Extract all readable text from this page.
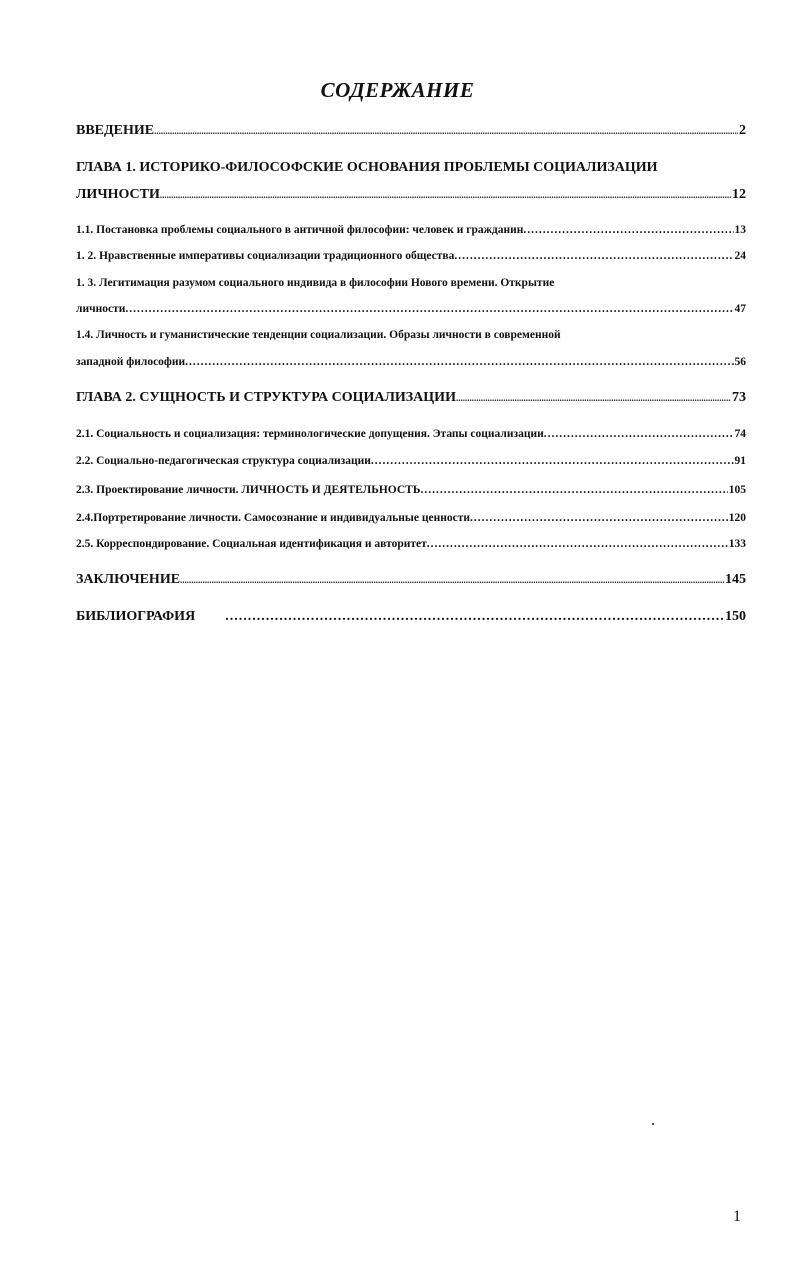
СОДЕРЖАНИЕ
ВВЕДЕНИЕ .....	2
ГЛАВА 1. ИСТОРИКО-ФИЛОСОФСКИЕ ОСНОВАНИЯ ПРОБЛЕМЫ СОЦИАЛИЗАЦИИ
ЛИЧНОСТИ .....	12
1.1. Постановка проблемы социального в античной философии: человек и гражданин .....	13
1. 2. Нравственные императивы социализации традиционного общества .....	24
1. 3. Легитимация разумом социального индивида в философии Нового времени. Открытие
личности .....	47
1.4. Личность и гуманистические тенденции социализации. Образы личности в современной
западной философии .....	56
ГЛАВА 2. СУЩНОСТЬ И СТРУКТУРА СОЦИАЛИЗАЦИИ .....	73
2.1. Социальность и социализация: терминологические допущения. Этапы социализации .....	74
2.2. Социально-педагогическая структура социализации .....	91
2.3. Проектирование личности. ЛИЧНОСТЬ И ДЕЯТЕЛЬНОСТЬ .....	105
2.4.Портретирование личности. Самосознание и индивидуальные ценности .....	120
2.5. Корреспондирование. Социальная идентификация и авторитет .....	133
ЗАКЛЮЧЕНИЕ .....	145
БИБЛИОГРАФИЯ .....	150
1
